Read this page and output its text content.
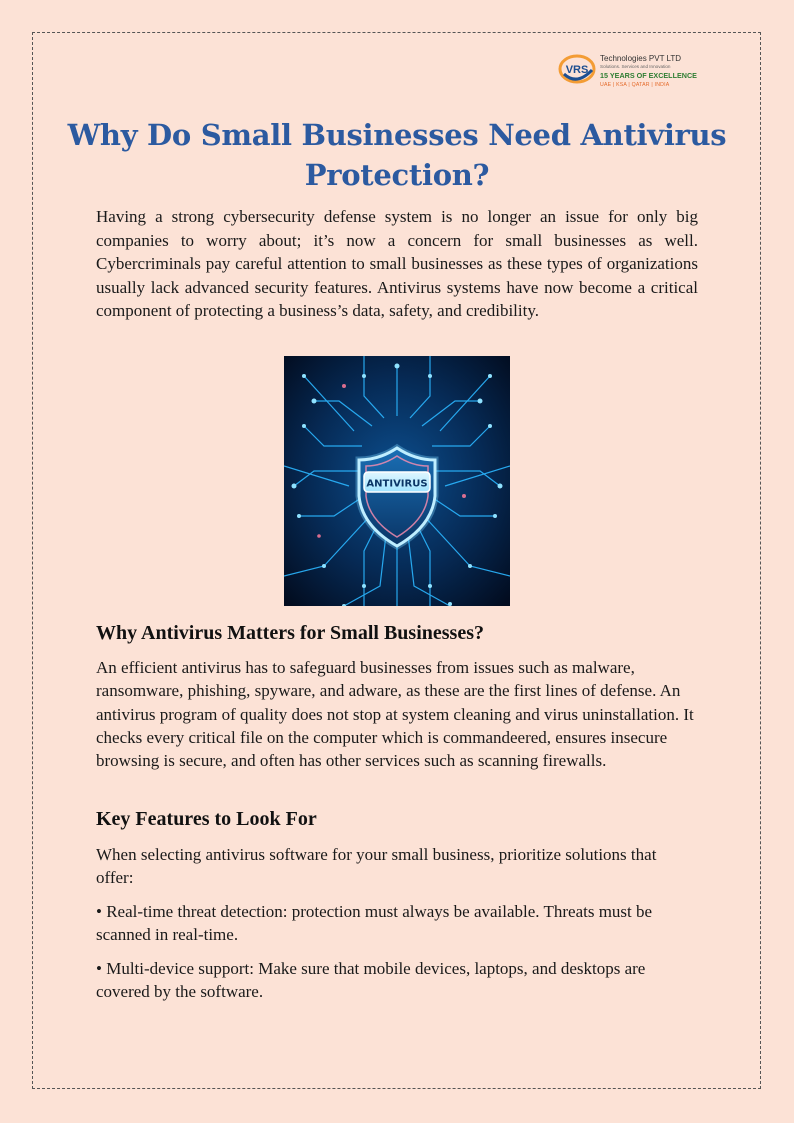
VRS
Technologies PVT LTD
Solutions. Services and Innovation
15 YEARS OF EXCELLENCE
UAE | KSA | QATAR | INDIA
Why Do Small Businesses Need Antivirus Protection?

Having a strong cybersecurity defense system is no longer an issue for only big companies to worry about; it’s now a concern for small businesses as well. Cybercriminals pay careful attention to small businesses as these types of organizations usually lack advanced security features. Antivirus systems have now become a critical component of protecting a business’s data, safety, and credibility.

ANTIVIRUS
Why Antivirus Matters for Small Businesses?

An efficient antivirus has to safeguard businesses from issues such as malware, ransomware, phishing, spyware, and adware, as these are the first lines of defense. An antivirus program of quality does not stop at system cleaning and virus uninstallation. It checks every critical file on the computer which is commandeered, ensures insecure browsing is secure, and often has other services such as scanning firewalls.

Key Features to Look For

When selecting antivirus software for your small business, prioritize solutions that offer:

• Real-time threat detection: protection must always be available. Threats must be scanned in real-time.

• Multi-device support: Make sure that mobile devices, laptops, and desktops are covered by the software.
